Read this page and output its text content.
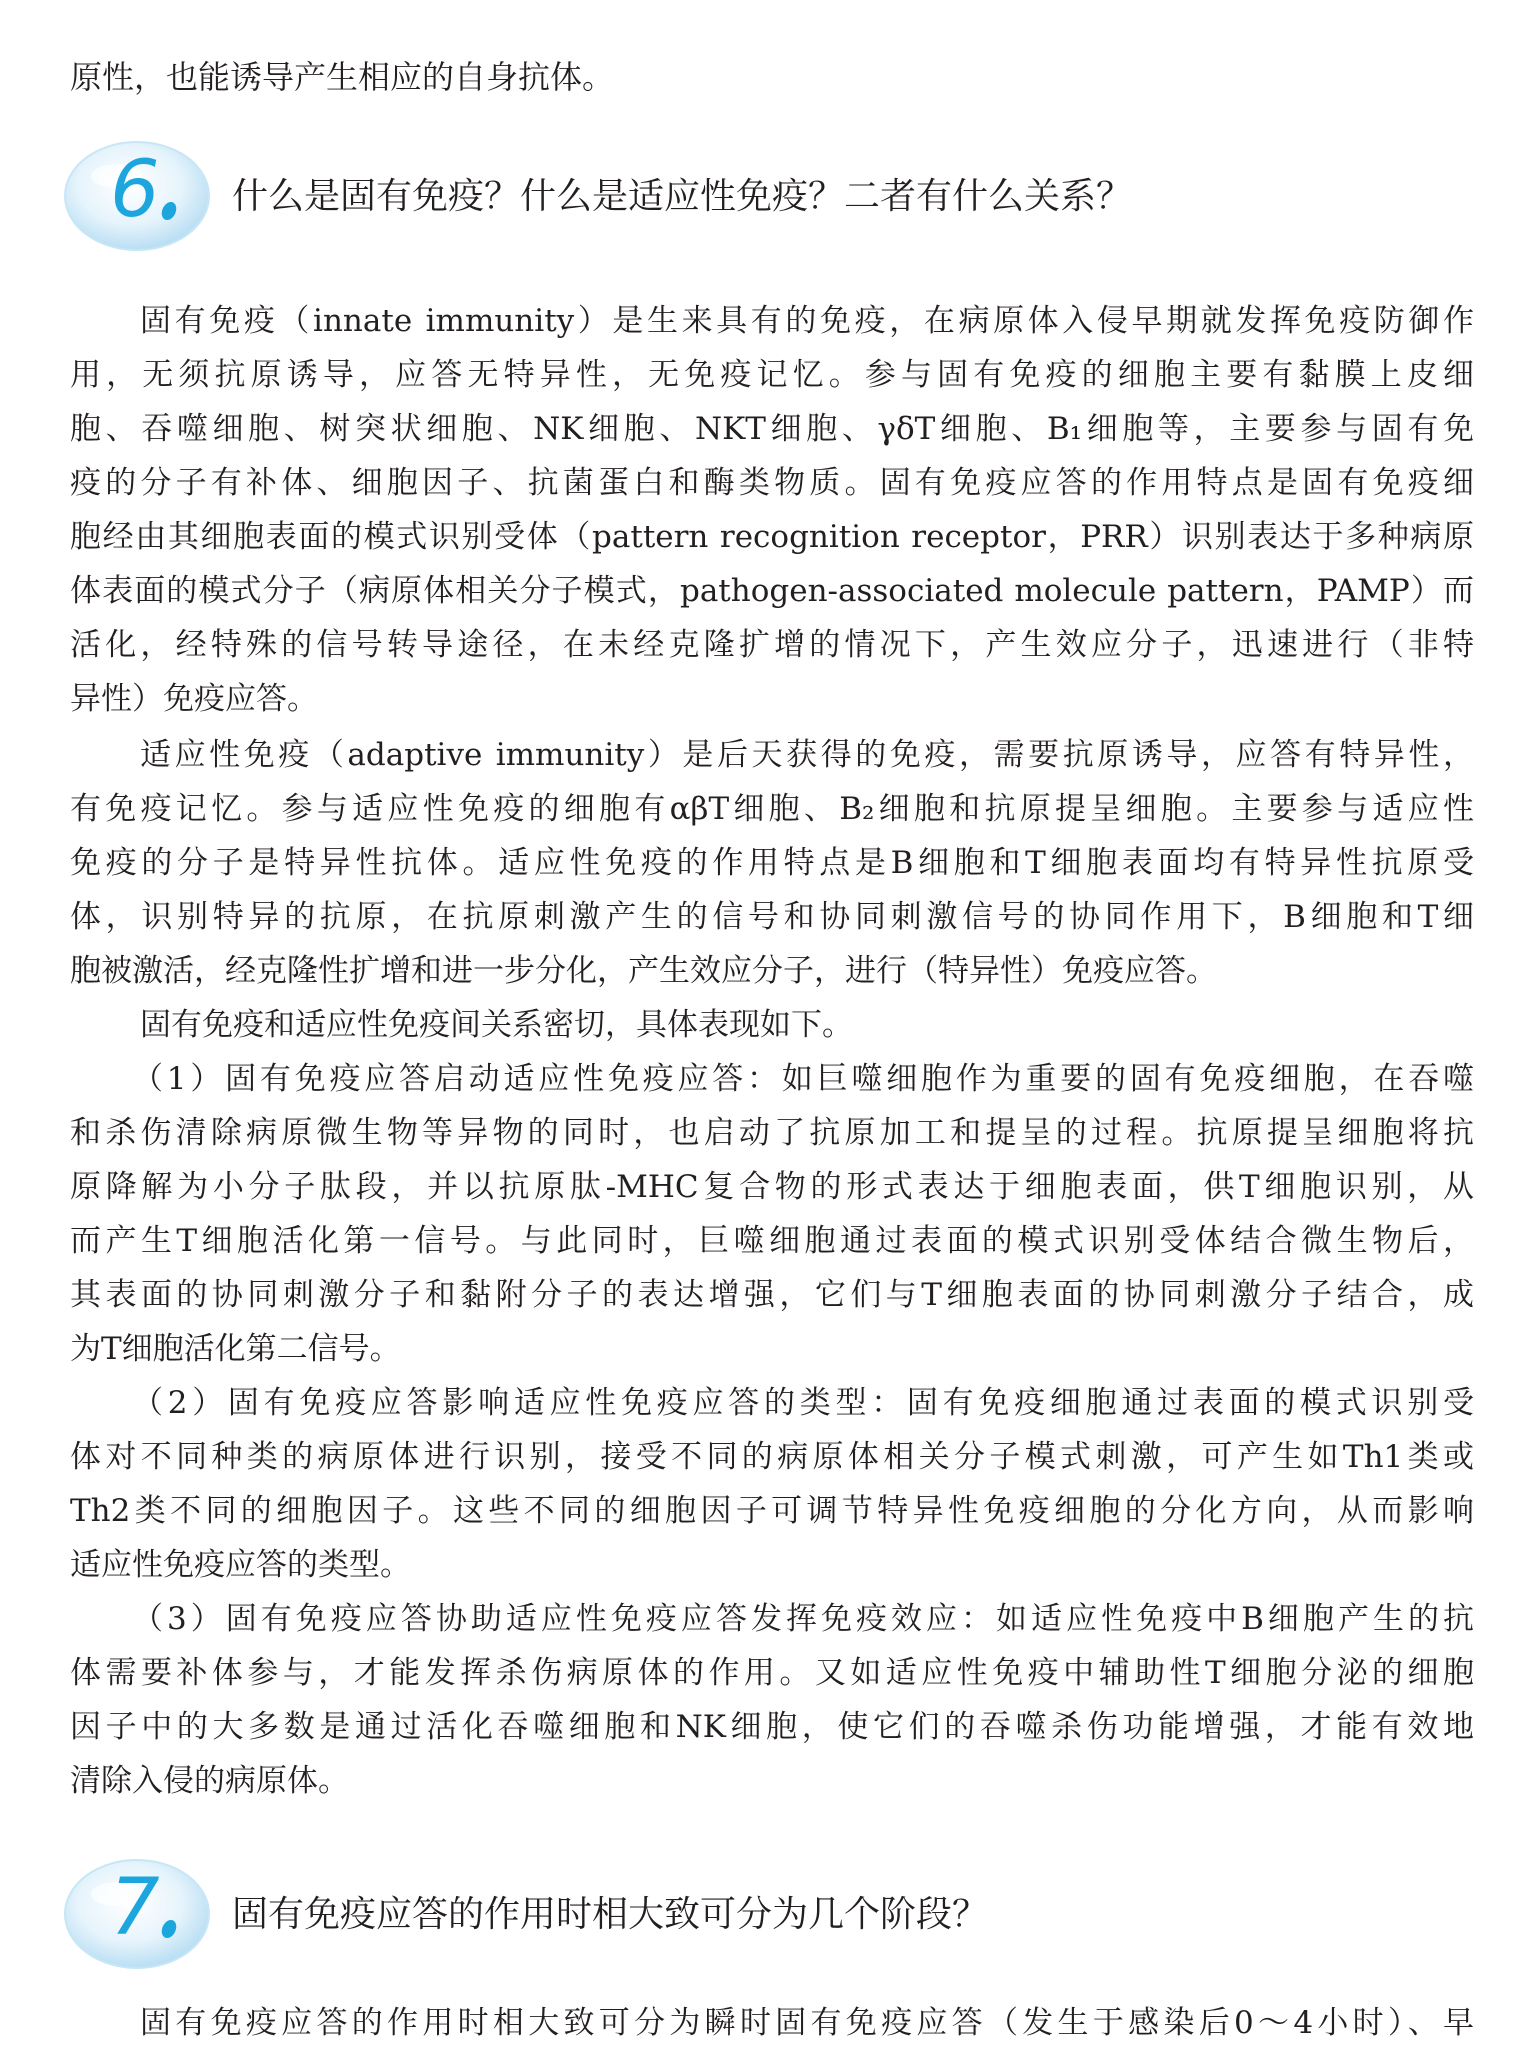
原性，也能诱导产生相应的自身抗体。
6 什么是固有免疫？什么是适应性免疫？二者有什么关系？
固有免疫（innate immunity）是生来具有的免疫，在病原体入侵早期就发挥免疫防御作
用，无须抗原诱导，应答无特异性，无免疫记忆。参与固有免疫的细胞主要有黏膜上皮细
胞、吞噬细胞、树突状细胞、NK细胞、NKT细胞、γδT细胞、B₁细胞等，主要参与固有免
疫的分子有补体、细胞因子、抗菌蛋白和酶类物质。固有免疫应答的作用特点是固有免疫细
胞经由其细胞表面的模式识别受体（pattern recognition receptor，PRR）识别表达于多种病原
体表面的模式分子（病原体相关分子模式，pathogen-associated molecule pattern，PAMP）而
活化，经特殊的信号转导途径，在未经克隆扩增的情况下，产生效应分子，迅速进行（非特
异性）免疫应答。
适应性免疫（adaptive immunity）是后天获得的免疫，需要抗原诱导，应答有特异性，
有免疫记忆。参与适应性免疫的细胞有αβT细胞、B₂细胞和抗原提呈细胞。主要参与适应性
免疫的分子是特异性抗体。适应性免疫的作用特点是B细胞和T细胞表面均有特异性抗原受
体，识别特异的抗原，在抗原刺激产生的信号和协同刺激信号的协同作用下，B细胞和T细
胞被激活，经克隆性扩增和进一步分化，产生效应分子，进行（特异性）免疫应答。
固有免疫和适应性免疫间关系密切，具体表现如下。
（1）固有免疫应答启动适应性免疫应答：如巨噬细胞作为重要的固有免疫细胞，在吞噬
和杀伤清除病原微生物等异物的同时，也启动了抗原加工和提呈的过程。抗原提呈细胞将抗
原降解为小分子肽段，并以抗原肽-MHC复合物的形式表达于细胞表面，供T细胞识别，从
而产生T细胞活化第一信号。与此同时，巨噬细胞通过表面的模式识别受体结合微生物后，
其表面的协同刺激分子和黏附分子的表达增强，它们与T细胞表面的协同刺激分子结合，成
为T细胞活化第二信号。
（2）固有免疫应答影响适应性免疫应答的类型：固有免疫细胞通过表面的模式识别受
体对不同种类的病原体进行识别，接受不同的病原体相关分子模式刺激，可产生如Th1类或
Th2类不同的细胞因子。这些不同的细胞因子可调节特异性免疫细胞的分化方向，从而影响
适应性免疫应答的类型。
（3）固有免疫应答协助适应性免疫应答发挥免疫效应：如适应性免疫中B细胞产生的抗
体需要补体参与，才能发挥杀伤病原体的作用。又如适应性免疫中辅助性T细胞分泌的细胞
因子中的大多数是通过活化吞噬细胞和NK细胞，使它们的吞噬杀伤功能增强，才能有效地
清除入侵的病原体。
7 固有免疫应答的作用时相大致可分为几个阶段？
固有免疫应答的作用时相大致可分为瞬时固有免疫应答（发生于感染后0～4小时）、早
